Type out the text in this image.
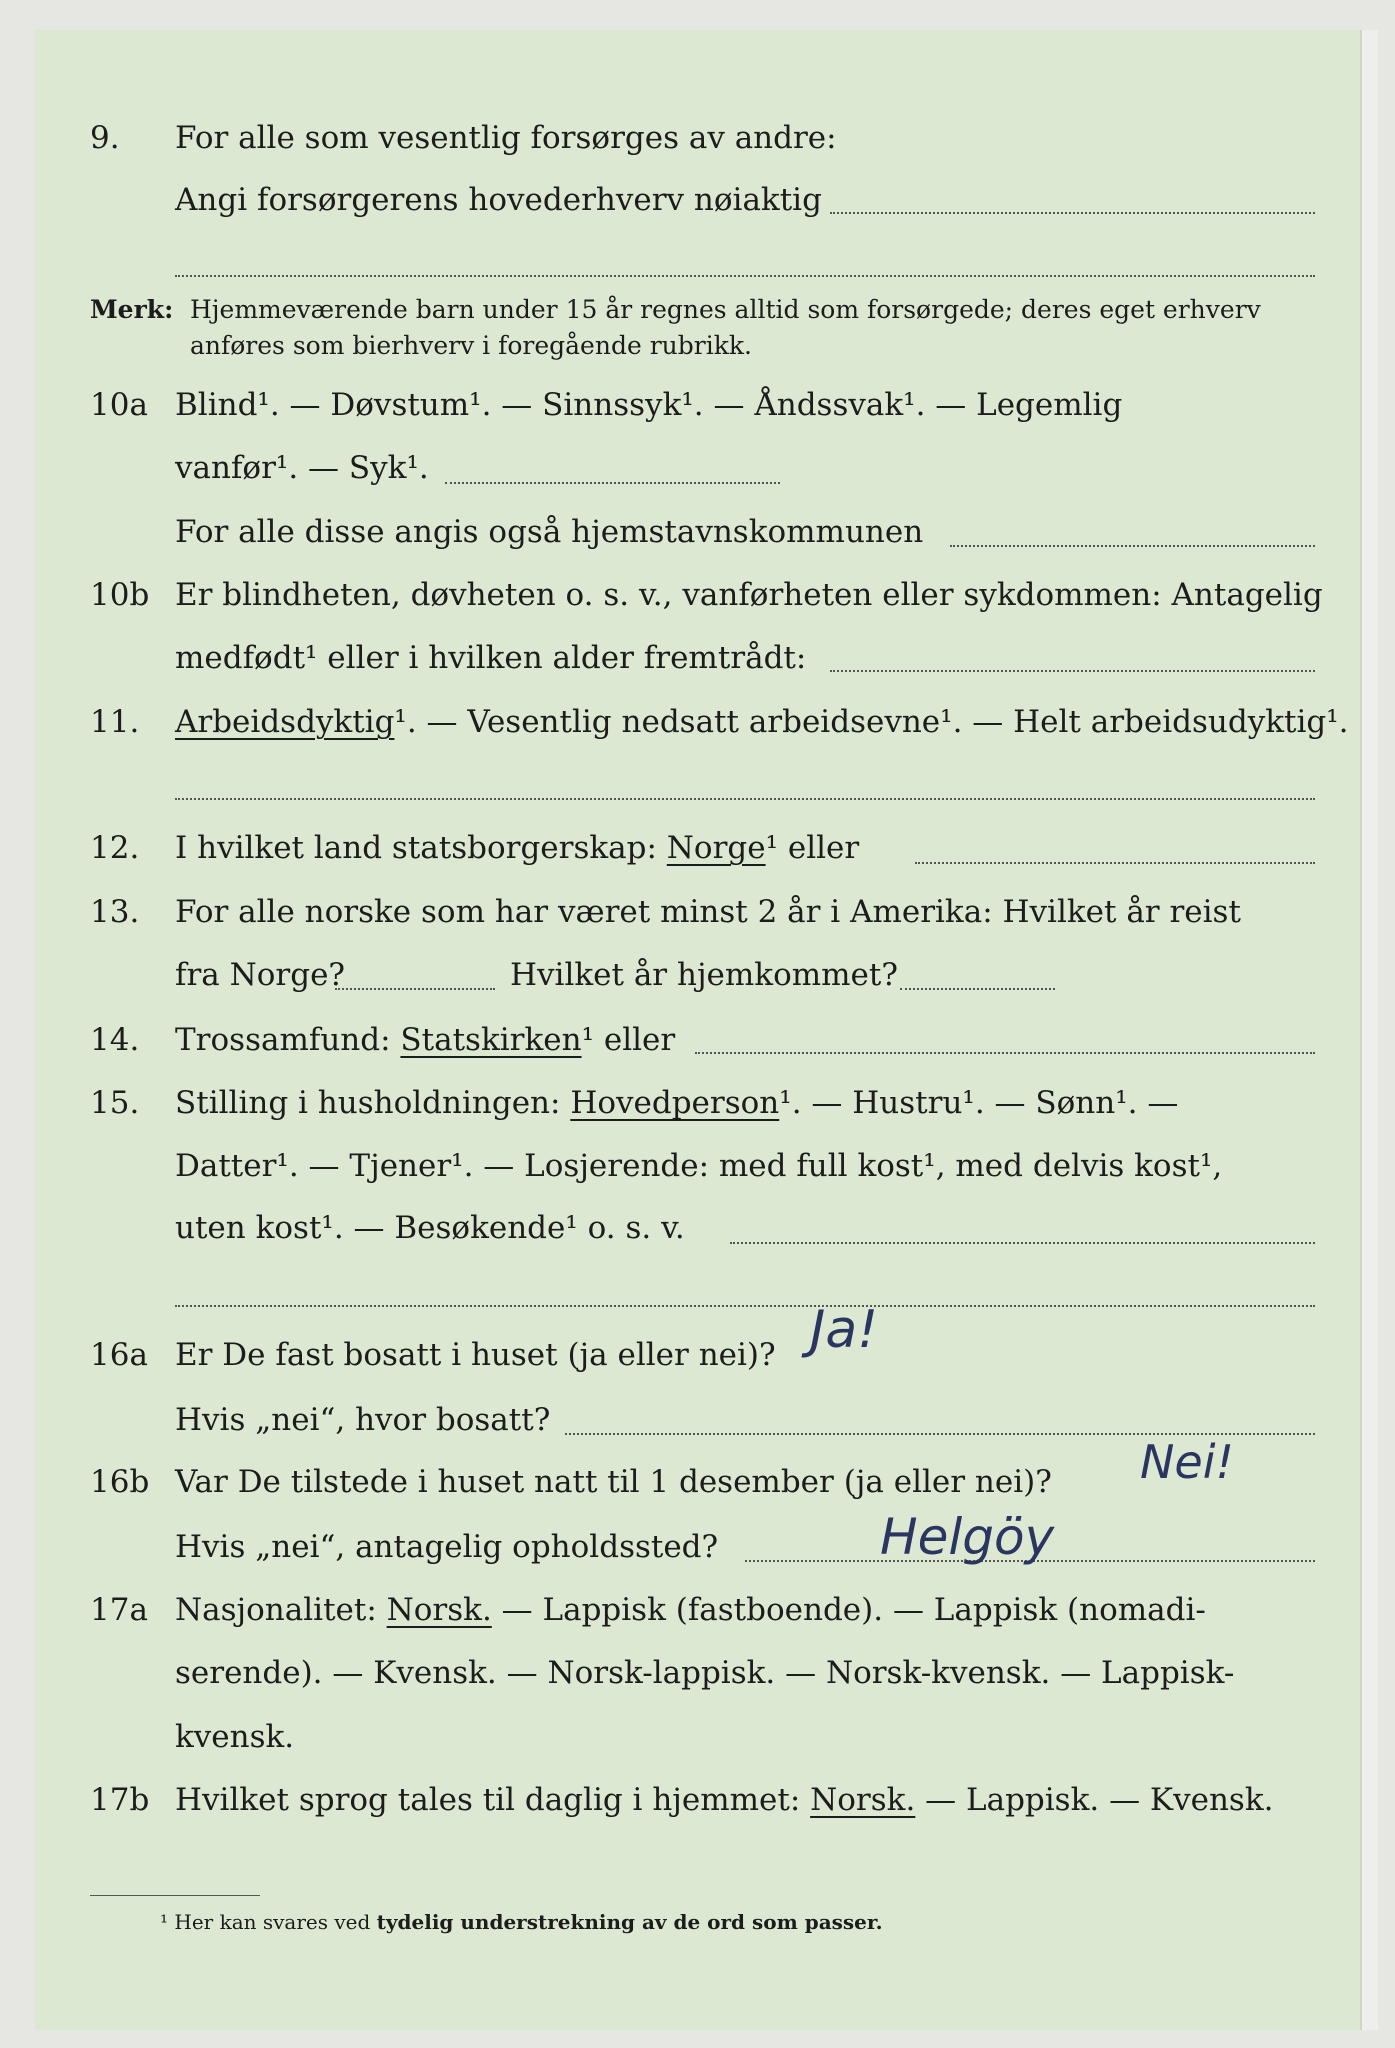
9. For alle som vesentlig forsørges av andre:
Angi forsørgerens hovederhverv nøiaktig
Merk: Hjemmeværende barn under 15 år regnes alltid som forsørgede; deres eget erhverv
anføres som bierhverv i foregående rubrikk.
10a Blind¹. — Døvstum¹. — Sinnssyk¹. — Åndssvak¹. — Legemlig
vanfør¹. — Syk¹.
For alle disse angis også hjemstavnskommunen
10b Er blindheten, døvheten o. s. v., vanførheten eller sykdommen: Antagelig
medfødt¹ eller i hvilken alder fremtrådt:
11. Arbeidsdyktig¹. — Vesentlig nedsatt arbeidsevne¹. — Helt arbeidsudyktig¹.
12. I hvilket land statsborgerskap: Norge¹ eller
13. For alle norske som har været minst 2 år i Amerika: Hvilket år reist
fra Norge?	Hvilket år hjemkommet?
14. Trossamfund: Statskirken¹ eller
15. Stilling i husholdningen: Hovedperson¹. — Hustru¹. — Sønn¹. —
Datter¹. — Tjener¹. — Losjerende: med full kost¹, med delvis kost¹,
uten kost¹. — Besøkende¹ o. s. v.
16a Er De fast bosatt i huset (ja eller nei)? Ja!
Hvis „nei“, hvor bosatt?
16b Var De tilstede i huset natt til 1 desember (ja eller nei)? Nei!
Hvis „nei“, antagelig opholdssted?	Helgöy
17a Nasjonalitet: Norsk. — Lappisk (fastboende). — Lappisk (nomadi-
serende). — Kvensk. — Norsk-lappisk. — Norsk-kvensk. — Lappisk-
kvensk.
17b Hvilket sprog tales til daglig i hjemmet: Norsk. — Lappisk. — Kvensk.
¹ Her kan svares ved tydelig understrekning av de ord som passer.
